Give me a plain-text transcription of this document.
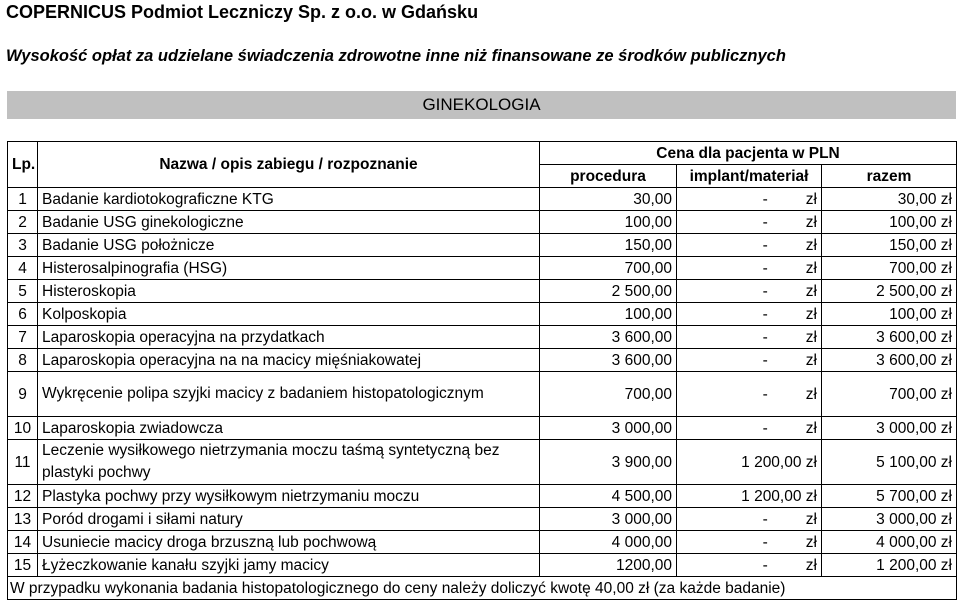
COPERNICUS Podmiot Leczniczy Sp. z o.o. w Gdańsku
Wysokość opłat za udzielane świadczenia zdrowotne inne niż finansowane ze środków publicznych
GINEKOLOGIA
Lp.	Nazwa / opis zabiegu / rozpoznanie	Cena dla pacjenta w PLN		
		procedura	implant/materiał	razem
1	Badanie kardiotokograficzne KTG	30,00	- zł	30,00 zł
2	Badanie USG ginekologiczne	100,00	- zł	100,00 zł
3	Badanie USG położnicze	150,00	- zł	150,00 zł
4	Histerosalpinografia (HSG)	700,00	- zł	700,00 zł
5	Histeroskopia	2 500,00	- zł	2 500,00 zł
6	Kolposkopia	100,00	- zł	100,00 zł
7	Laparoskopia operacyjna na przydatkach	3 600,00	- zł	3 600,00 zł
8	Laparoskopia operacyjna na na macicy mięśniakowatej	3 600,00	- zł	3 600,00 zł
9	Wykręcenie polipa szyjki macicy z badaniem histopatologicznym	700,00	- zł	700,00 zł
10	Laparoskopia zwiadowcza	3 000,00	- zł	3 000,00 zł
11	Leczenie wysiłkowego nietrzymania moczu taśmą syntetyczną bez plastyki pochwy	3 900,00	1 200,00 zł	5 100,00 zł
12	Plastyka pochwy przy wysiłkowym nietrzymaniu moczu	4 500,00	1 200,00 zł	5 700,00 zł
13	Poród drogami i siłami natury	3 000,00	- zł	3 000,00 zł
14	Usuniecie macicy droga brzuszną lub pochwową	4 000,00	- zł	4 000,00 zł
15	Łyżeczkowanie kanału szyjki jamy macicy	1200,00	- zł	1 200,00 zł
W przypadku wykonania badania histopatologicznego do ceny należy doliczyć kwotę 40,00 zł (za każde badanie)				
